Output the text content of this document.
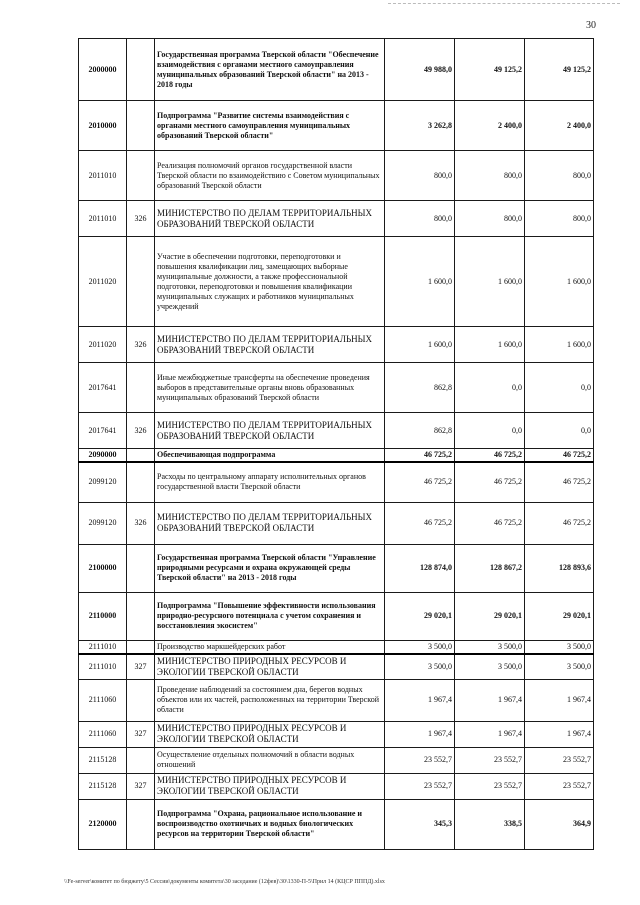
30
2000000		Государственная программа Тверской области "Обеспечение взаимодействия с органами местного самоуправления муниципальных образований Тверской области" на 2013 - 2018 годы	49 988,0	49 125,2	49 125,2
2010000		Подпрограмма "Развитие системы взаимодействия с органами местного самоуправления муниципальных образований Тверской области"	3 262,8	2 400,0	2 400,0
2011010		Реализация полномочий органов государственной власти Тверской области по взаимодействию с Советом муниципальных образований Тверской области	800,0	800,0	800,0
2011010	326	МИНИСТЕРСТВО ПО ДЕЛАМ ТЕРРИТОРИАЛЬНЫХ ОБРАЗОВАНИЙ ТВЕРСКОЙ ОБЛАСТИ	800,0	800,0	800,0
2011020		Участие в обеспечении подготовки, переподготовки и повышения квалификации лиц, замещающих выборные муниципальные должности, а также профессиональной подготовки, переподготовки и повышения квалификации муниципальных служащих и работников муниципальных учреждений	1 600,0	1 600,0	1 600,0
2011020	326	МИНИСТЕРСТВО ПО ДЕЛАМ ТЕРРИТОРИАЛЬНЫХ ОБРАЗОВАНИЙ ТВЕРСКОЙ ОБЛАСТИ	1 600,0	1 600,0	1 600,0
2017641		Иные межбюджетные трансферты на обеспечение проведения выборов в представительные органы вновь образованных муниципальных образований Тверской области	862,8	0,0	0,0
2017641	326	МИНИСТЕРСТВО ПО ДЕЛАМ ТЕРРИТОРИАЛЬНЫХ ОБРАЗОВАНИЙ ТВЕРСКОЙ ОБЛАСТИ	862,8	0,0	0,0
2090000		Обеспечивающая подпрограмма	46 725,2	46 725,2	46 725,2
2099120		Расходы по центральному аппарату исполнительных органов государственной власти Тверской области	46 725,2	46 725,2	46 725,2
2099120	326	МИНИСТЕРСТВО ПО ДЕЛАМ ТЕРРИТОРИАЛЬНЫХ ОБРАЗОВАНИЙ ТВЕРСКОЙ ОБЛАСТИ	46 725,2	46 725,2	46 725,2
2100000		Государственная программа Тверской области "Управление природными ресурсами и охрана окружающей среды Тверской области" на 2013 - 2018 годы	128 874,0	128 867,2	128 893,6
2110000		Подпрограмма "Повышение эффективности использования природно-ресурсного потенциала с учетом сохранения и восстановления экосистем"	29 020,1	29 020,1	29 020,1
2111010		Производство маркшейдерских работ	3 500,0	3 500,0	3 500,0
2111010	327	МИНИСТЕРСТВО ПРИРОДНЫХ РЕСУРСОВ И ЭКОЛОГИИ ТВЕРСКОЙ ОБЛАСТИ	3 500,0	3 500,0	3 500,0
2111060		Проведение наблюдений за состоянием дна, берегов водных объектов или их частей, расположенных на территории Тверской области	1 967,4	1 967,4	1 967,4
2111060	327	МИНИСТЕРСТВО ПРИРОДНЫХ РЕСУРСОВ И ЭКОЛОГИИ ТВЕРСКОЙ ОБЛАСТИ	1 967,4	1 967,4	1 967,4
2115128		Осуществление отдельных полномочий в области водных отношений	23 552,7	23 552,7	23 552,7
2115128	327	МИНИСТЕРСТВО ПРИРОДНЫХ РЕСУРСОВ И ЭКОЛОГИИ ТВЕРСКОЙ ОБЛАСТИ	23 552,7	23 552,7	23 552,7
2120000		Подпрограмма "Охрана, рациональное использование и воспроизводство охотничьих и водных биологических ресурсов на территории Тверской области"	345,3	338,5	364,9
\\Fe-server\комитет по бюджету\5 Сессии\документы комитета\30 заседание (12фев)\30\1330-П-5\Прил 14 (КЦСР ПППД).xlsx
